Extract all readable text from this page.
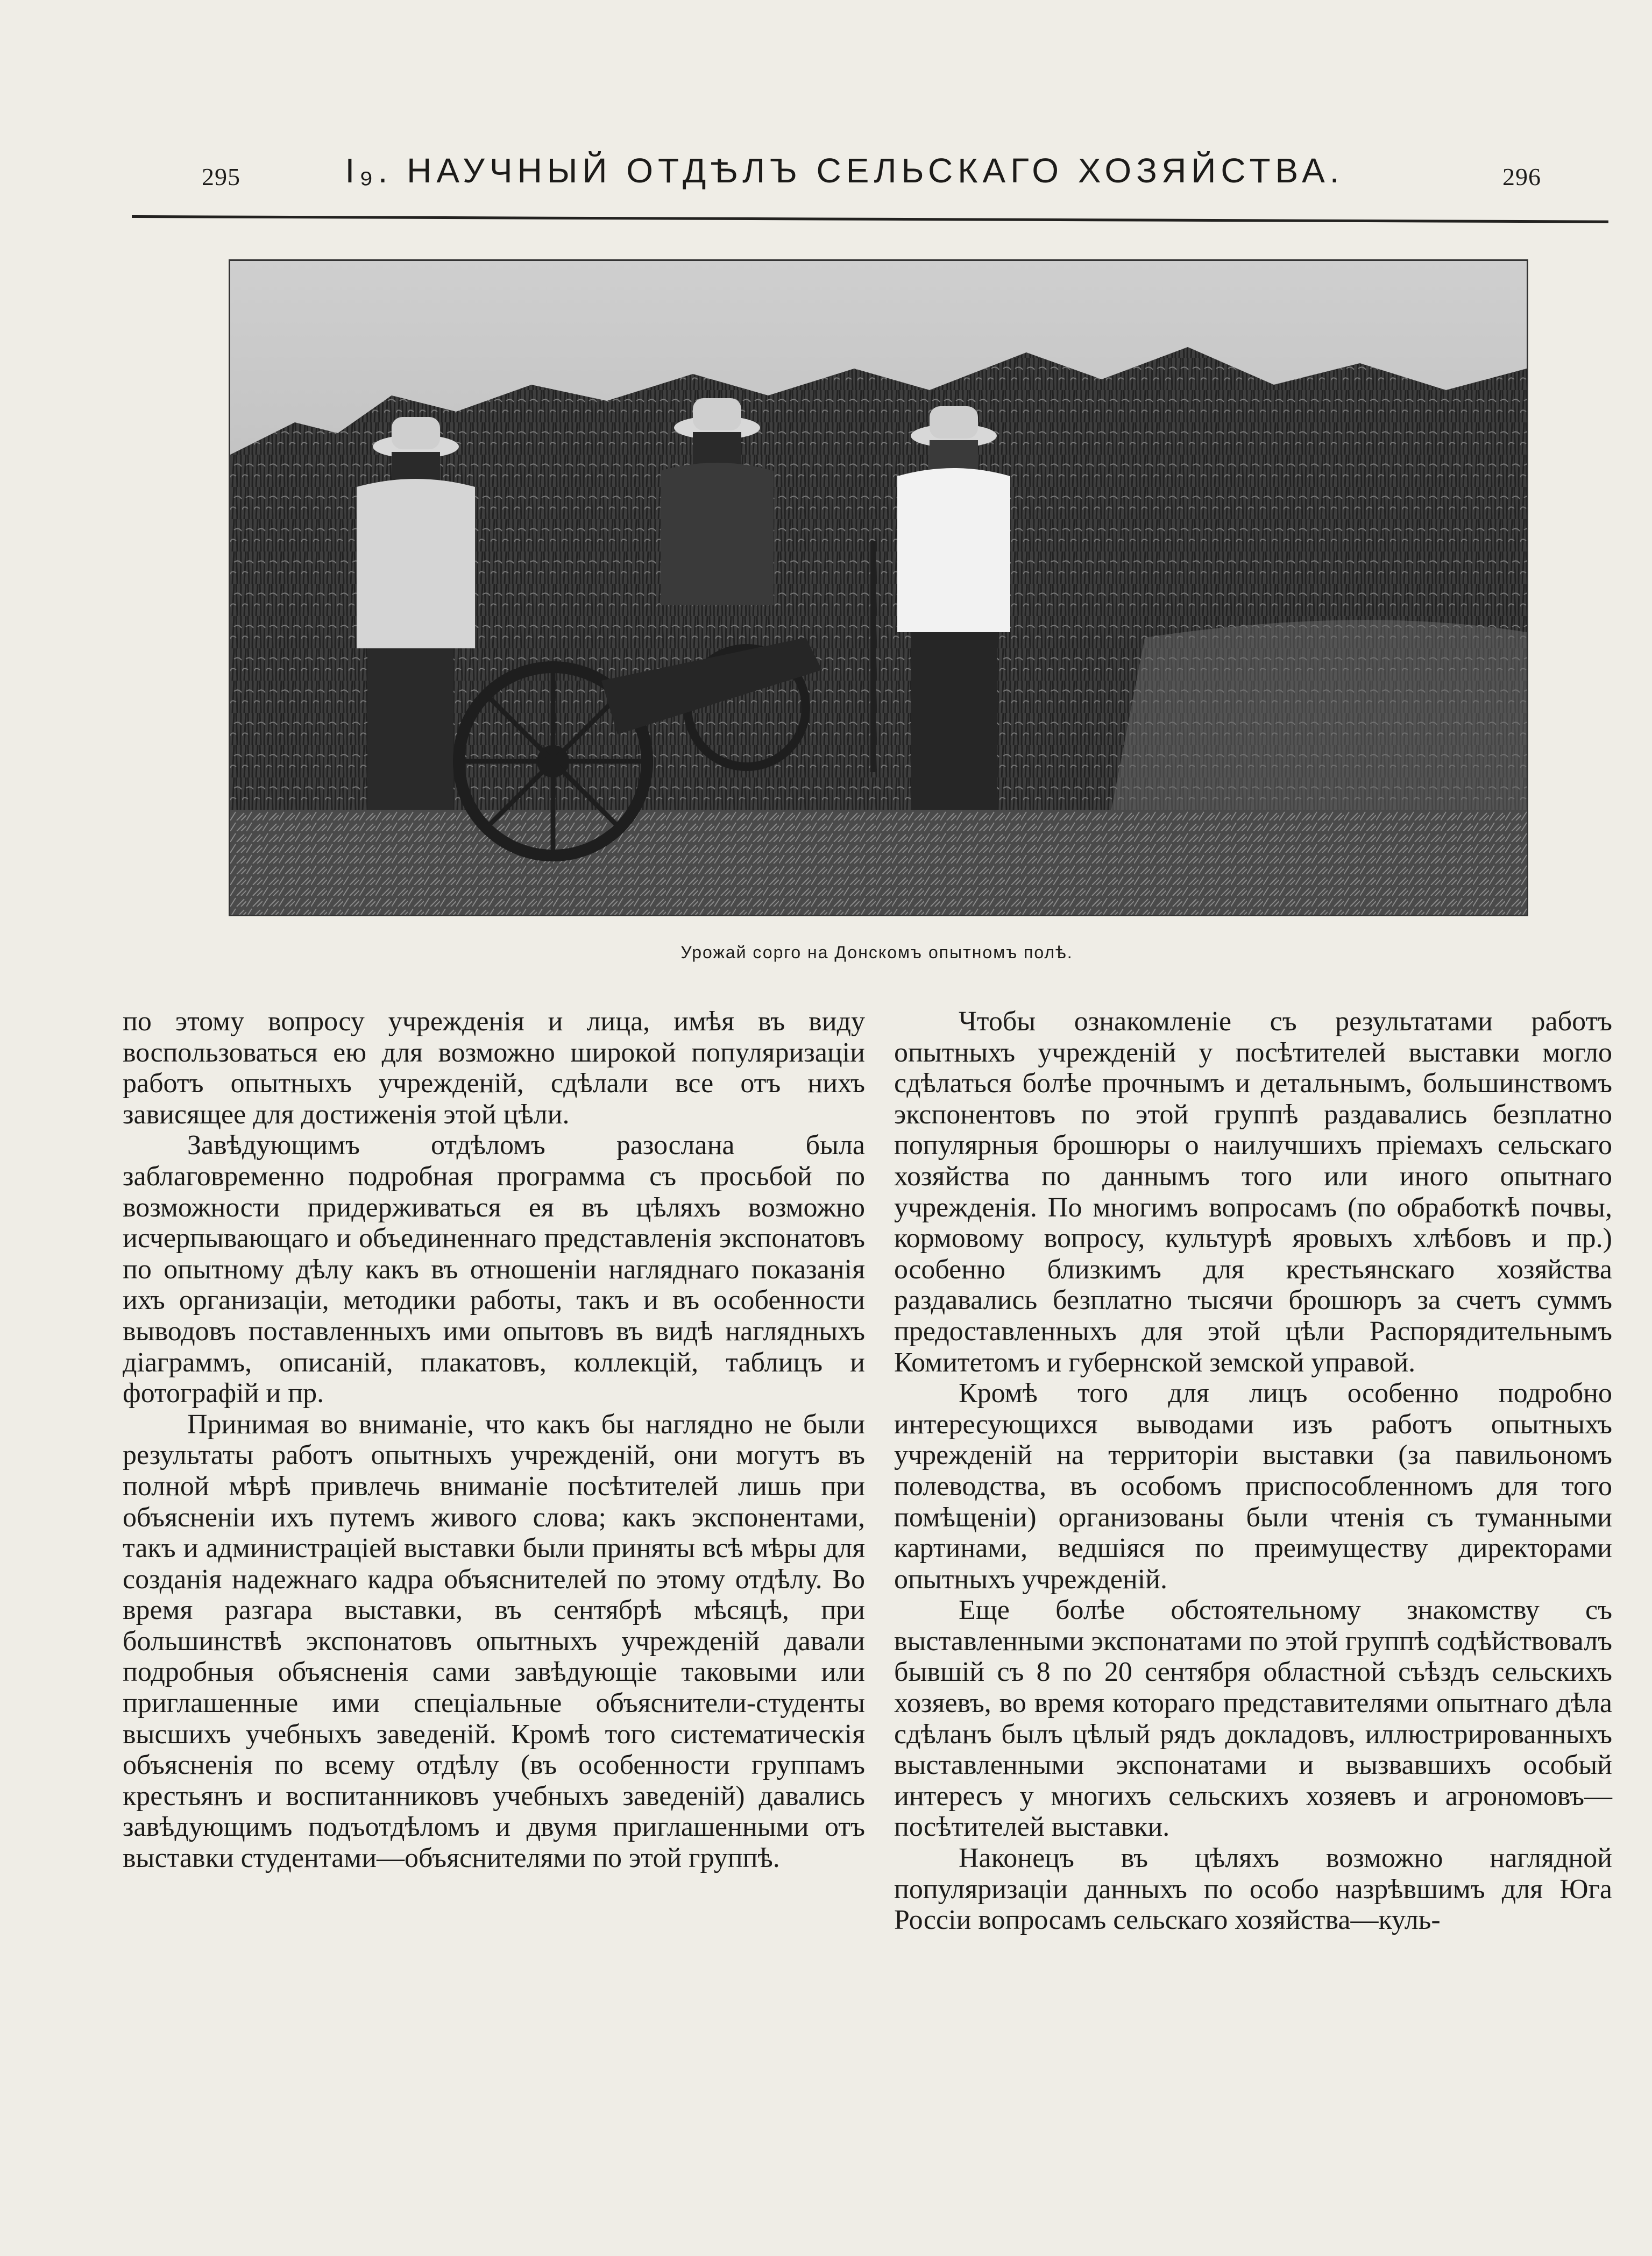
295	I₉. НАУЧНЫЙ ОТДѢЛЪ СЕЛЬСКАГО ХОЗЯЙСТВА.	296
Урожай сорго на Донскомъ опытномъ полѣ.

по этому вопросу учрежденія и лица, имѣя въ виду воспользоваться ею для возможно широкой популяризаціи работъ опытныхъ учрежденій, сдѣлали все отъ нихъ зависящее для достиженія этой цѣли.

Завѣдующимъ отдѣломъ разослана была заблаговременно подробная программа съ просьбой по возможности придерживаться ея въ цѣляхъ возможно исчерпывающаго и объединеннаго представленія экспонатовъ по опытному дѣлу какъ въ отношеніи нагляднаго показанія ихъ организаціи, методики работы, такъ и въ особенности выводовъ поставленныхъ ими опытовъ въ видѣ наглядныхъ діаграммъ, описаній, плакатовъ, коллекцій, таблицъ и фотографій и пр.

Принимая во вниманіе, что какъ бы наглядно не были результаты работъ опытныхъ учрежденій, они могутъ въ полной мѣрѣ привлечь вниманіе посѣтителей лишь при объясненіи ихъ путемъ живого слова; какъ экспонентами, такъ и администраціей выставки были приняты всѣ мѣры для созданія надежнаго кадра объяснителей по этому отдѣлу. Во время разгара выставки, въ сентябрѣ мѣсяцѣ, при большинствѣ экспонатовъ опытныхъ учрежденій давали подробныя объясненія сами завѣдующіе таковыми или приглашенные ими спеціальные объяснители-студенты высшихъ учебныхъ заведеній. Кромѣ того систематическія объясненія по всему отдѣлу (въ особенности группамъ крестьянъ и воспитанниковъ учебныхъ заведеній) давались завѣдующимъ подъотдѣломъ и двумя приглашенными отъ выставки студентами—объяснителями по этой группѣ.

Чтобы ознакомленіе съ результатами работъ опытныхъ учрежденій у посѣтителей выставки могло сдѣлаться болѣе прочнымъ и детальнымъ, большинствомъ экспонентовъ по этой группѣ раздавались безплатно популярныя брошюры о наилучшихъ пріемахъ сельскаго хозяйства по даннымъ того или иного опытнаго учрежденія. По многимъ вопросамъ (по обработкѣ почвы, кормовому вопросу, культурѣ яровыхъ хлѣбовъ и пр.) особенно близкимъ для крестьянскаго хозяйства раздавались безплатно тысячи брошюръ за счетъ суммъ предоставленныхъ для этой цѣли Распорядительнымъ Комитетомъ и губернской земской управой.

Кромѣ того для лицъ особенно подробно интересующихся выводами изъ работъ опытныхъ учрежденій на территоріи выставки (за павильономъ полеводства, въ особомъ приспособленномъ для того помѣщеніи) организованы были чтенія съ туманными картинами, ведшіяся по преимуществу директорами опытныхъ учрежденій.

Еще болѣе обстоятельному знакомству съ выставленными экспонатами по этой группѣ содѣйствовалъ бывшій съ 8 по 20 сентября областной съѣздъ сельскихъ хозяевъ, во время котораго представителями опытнаго дѣла сдѣланъ былъ цѣлый рядъ докладовъ, иллюстрированныхъ выставленными экспонатами и вызвавшихъ особый интересъ у многихъ сельскихъ хозяевъ и агрономовъ—посѣтителей выставки.

Наконецъ въ цѣляхъ возможно наглядной популяризаціи данныхъ по особо назрѣвшимъ для Юга Россіи вопросамъ сельскаго хозяйства—куль-
